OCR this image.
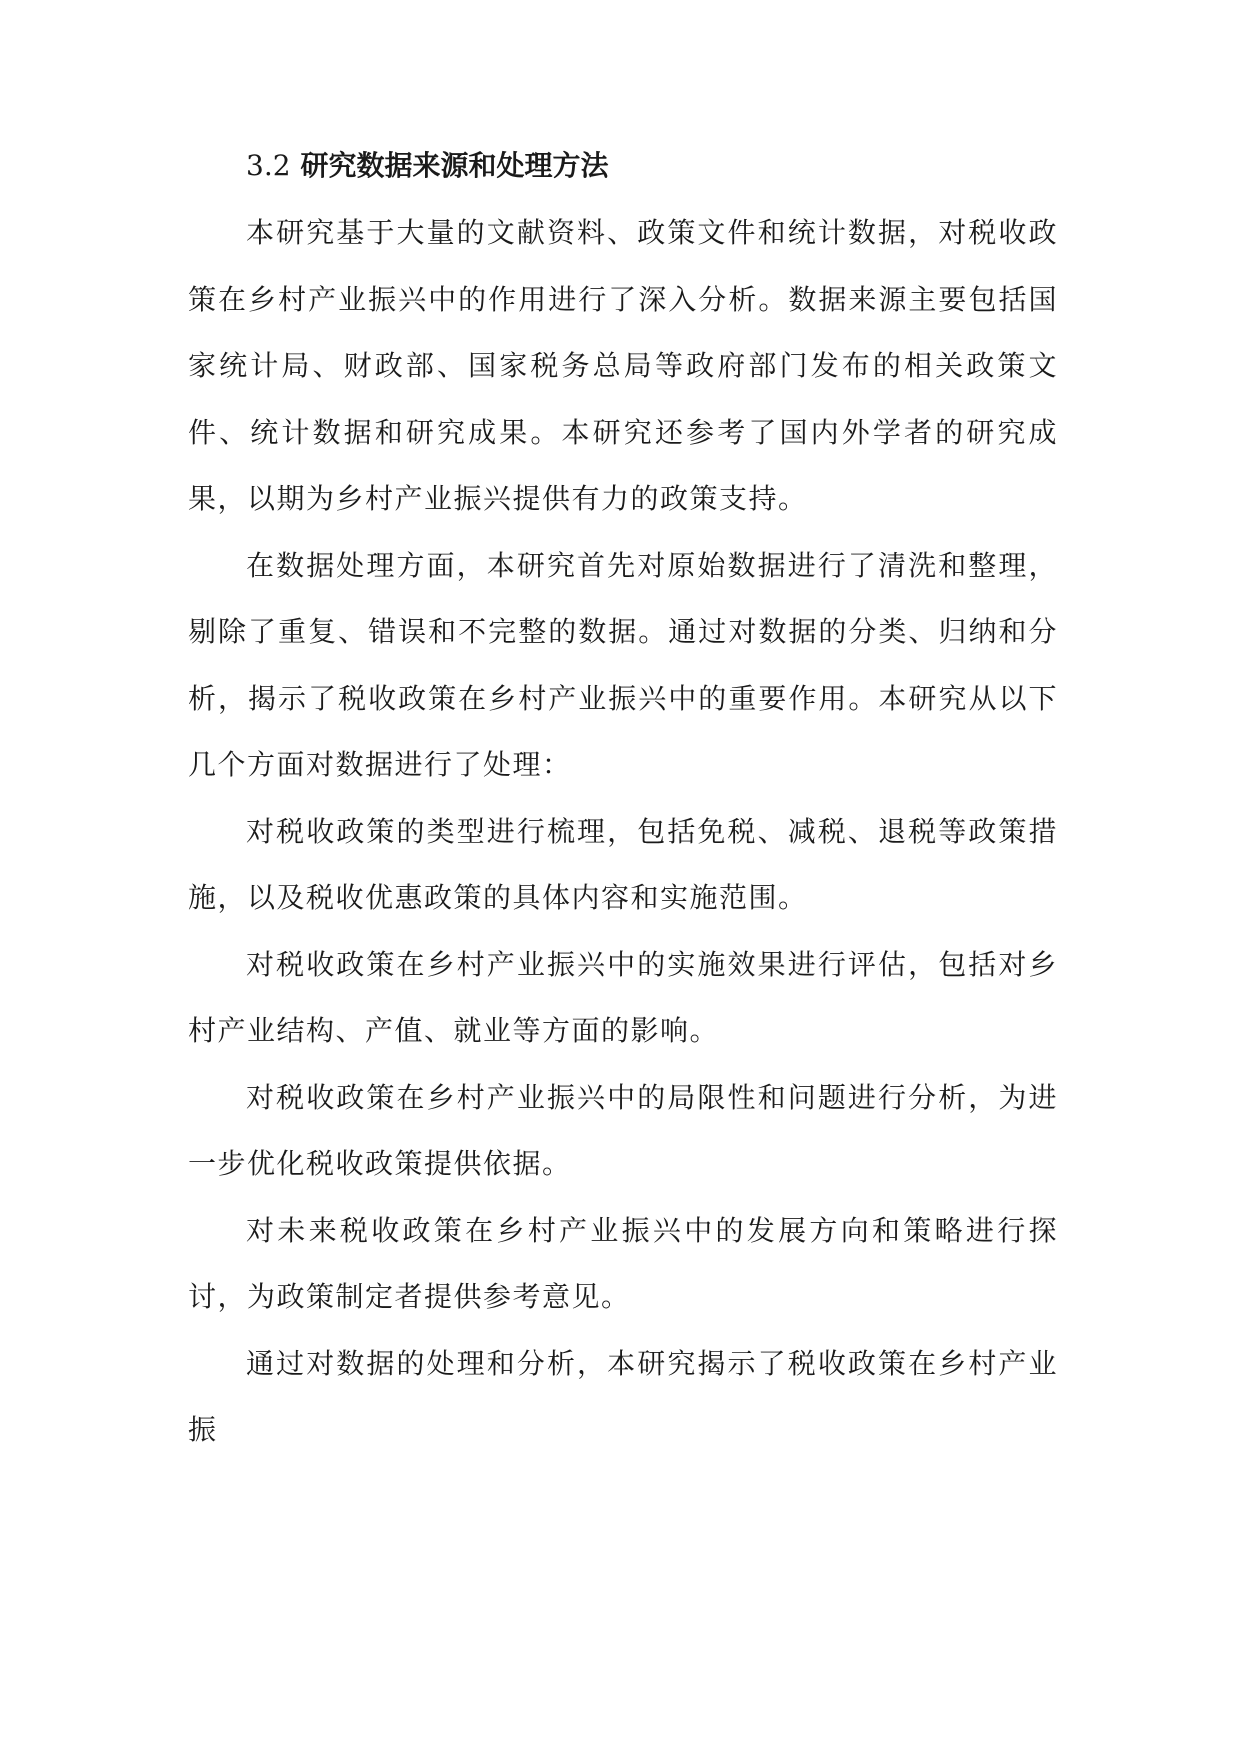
3.2 研究数据来源和处理方法

本研究基于大量的文献资料、政策文件和统计数据，对税收政策在乡村产业振兴中的作用进行了深入分析。数据来源主要包括国家统计局、财政部、国家税务总局等政府部门发布的相关政策文件、统计数据和研究成果。本研究还参考了国内外学者的研究成果，以期为乡村产业振兴提供有力的政策支持。

在数据处理方面，本研究首先对原始数据进行了清洗和整理，剔除了重复、错误和不完整的数据。通过对数据的分类、归纳和分析，揭示了税收政策在乡村产业振兴中的重要作用。本研究从以下几个方面对数据进行了处理：

对税收政策的类型进行梳理，包括免税、减税、退税等政策措施，以及税收优惠政策的具体内容和实施范围。

对税收政策在乡村产业振兴中的实施效果进行评估，包括对乡村产业结构、产值、就业等方面的影响。

对税收政策在乡村产业振兴中的局限性和问题进行分析，为进一步优化税收政策提供依据。

对未来税收政策在乡村产业振兴中的发展方向和策略进行探讨，为政策制定者提供参考意见。

通过对数据的处理和分析，本研究揭示了税收政策在乡村产业振
